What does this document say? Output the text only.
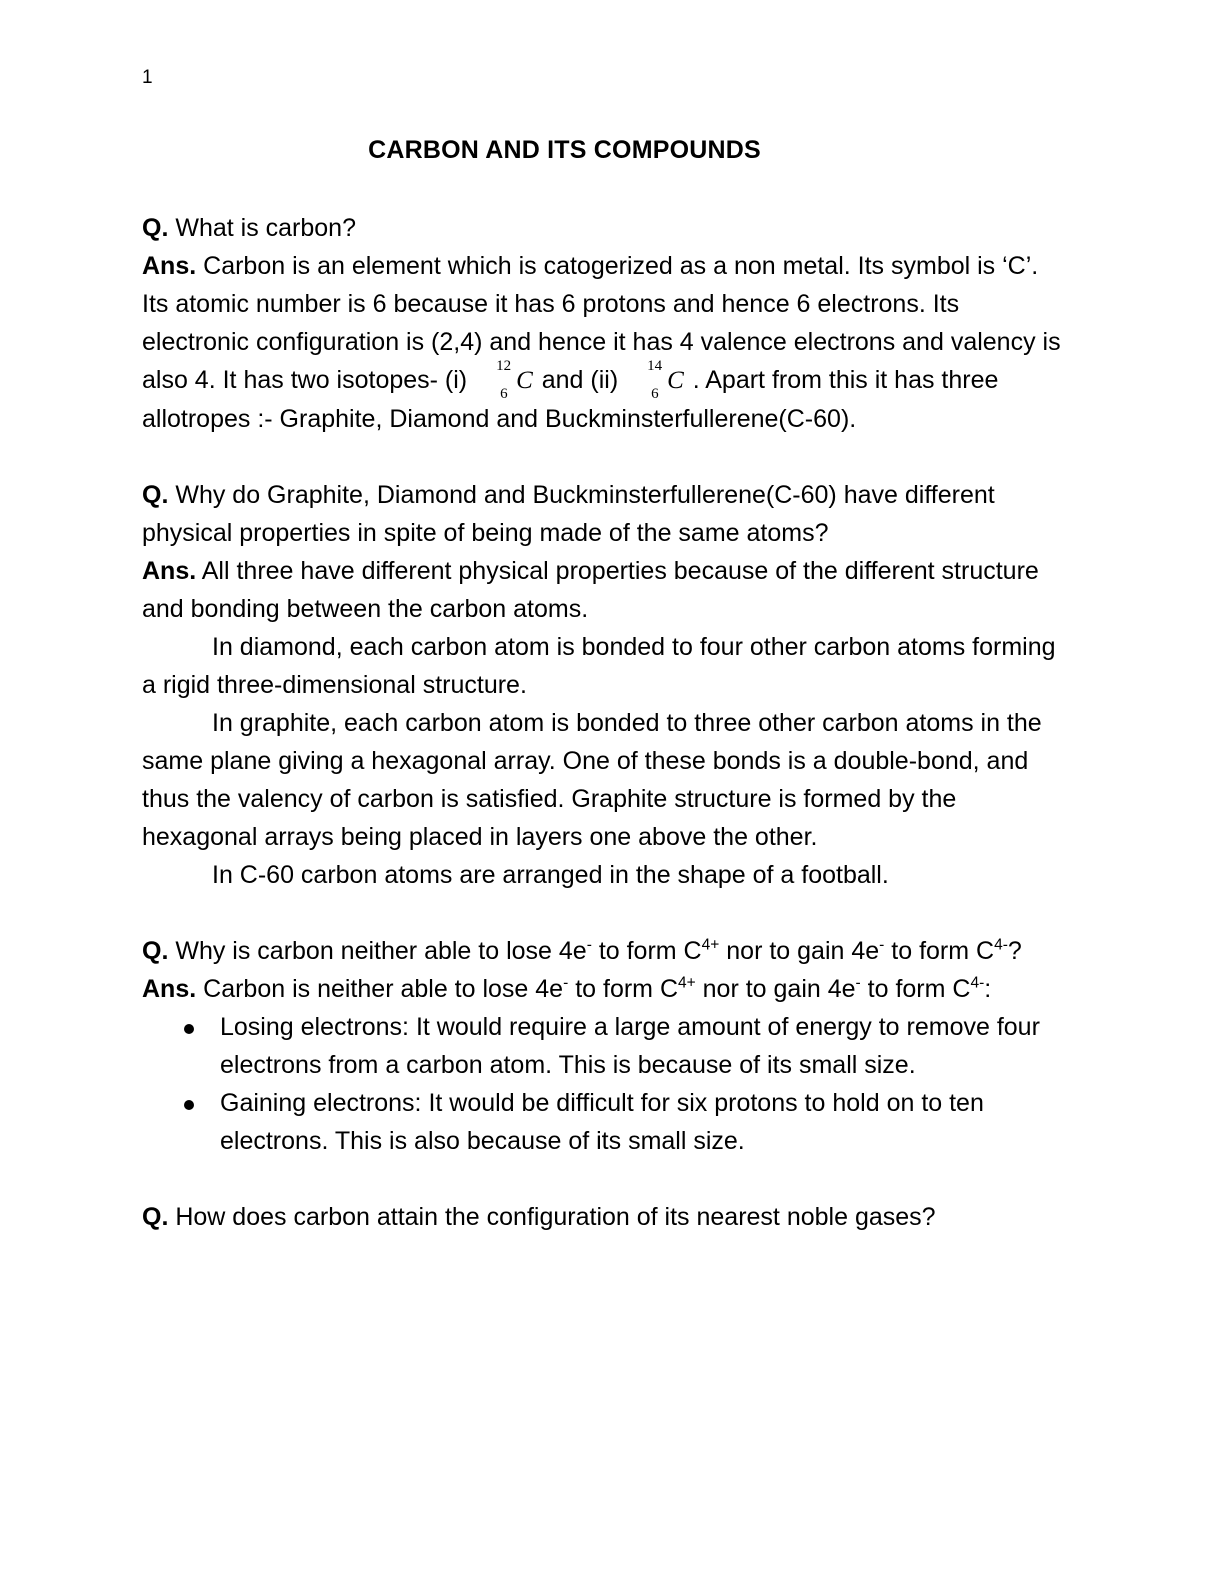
1
CARBON AND ITS COMPOUNDS

Q. What is carbon?

Ans. Carbon is an element which is catogerized as a non metal. Its symbol is ‘C’. Its atomic number is 6 because it has 6 protons and hence 6 electrons. Its electronic configuration is (2,4) and hence it has 4 valence electrons and valency is also 4. It has two isotopes- (i) 12
6 C and (ii) 14
6 C . Apart from this it has three allotropes :- Graphite, Diamond and Buckminsterfullerene(C-60).

Q. Why do Graphite, Diamond and Buckminsterfullerene(C-60) have different physical properties in spite of being made of the same atoms?

Ans. All three have different physical properties because of the different structure and bonding between the carbon atoms.

In diamond, each carbon atom is bonded to four other carbon atoms forming a rigid three-dimensional structure.

In graphite, each carbon atom is bonded to three other carbon atoms in the same plane giving a hexagonal array. One of these bonds is a double-bond, and thus the valency of carbon is satisfied. Graphite structure is formed by the hexagonal arrays being placed in layers one above the other.

In C-60 carbon atoms are arranged in the shape of a football.

Q. Why is carbon neither able to lose 4e- to form $C^{4+}$ nor to gain 4e- to form $C^{4-}$?

Ans. Carbon is neither able to lose 4e- to form $C^{4+}$ nor to gain 4e- to form $C^{4-}$:

Losing electrons: It would require a large amount of energy to remove four electrons from a carbon atom. This is because of its small size.
Gaining electrons: It would be difficult for six protons to hold on to ten electrons. This is also because of its small size.

Q. How does carbon attain the configuration of its nearest noble gases?
